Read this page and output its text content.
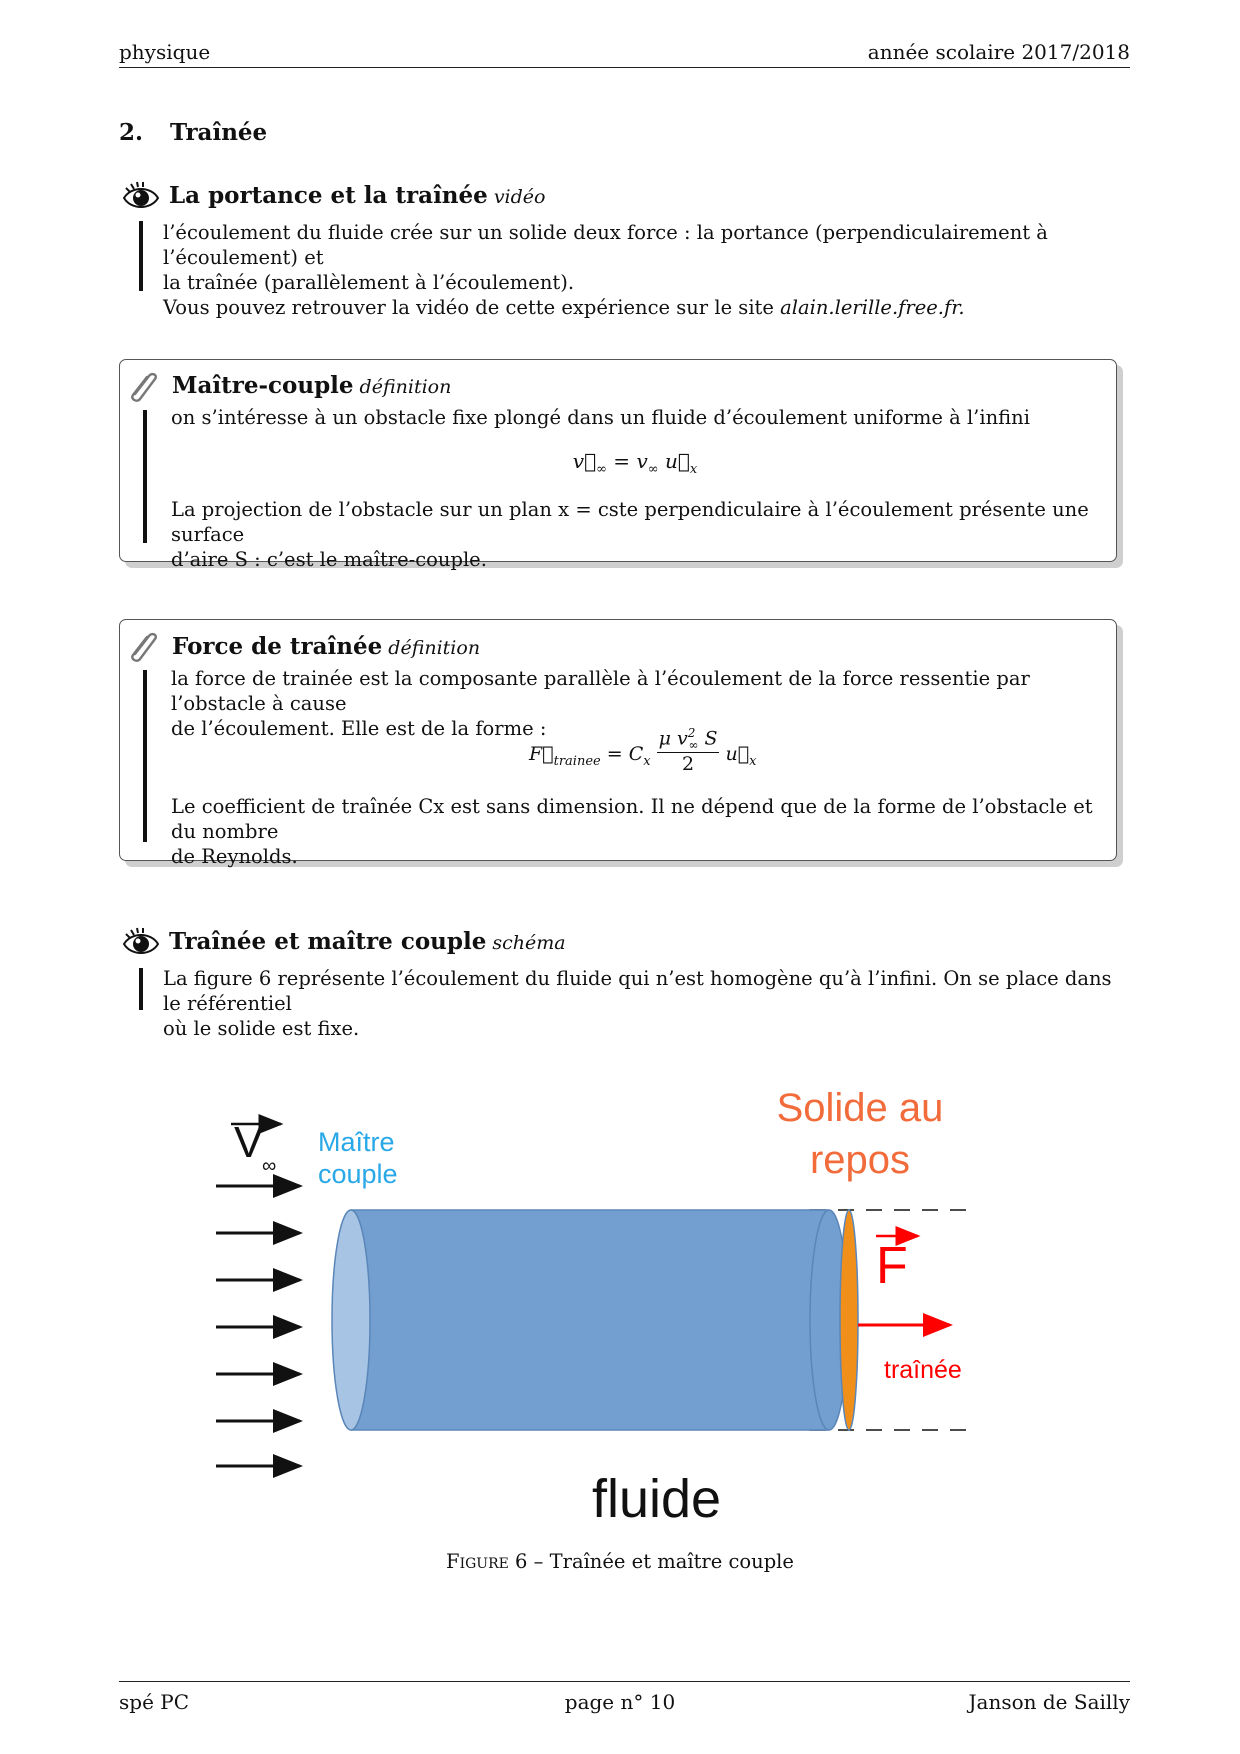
physique	année scolaire 2017/2018
2. Traînée
La portance et la traînée vidéo
l’écoulement du fluide crée sur un solide deux force : la portance (perpendiculairement à l’écoulement) et
la traînée (parallèlement à l’écoulement).
Vous pouvez retrouver la vidéo de cette expérience sur le site alain.lerille.free.fr.
Maître-couple définition
on s’intéresse à un obstacle fixe plongé dans un fluide d’écoulement uniforme à l’infini
$v⃗_\infty = v_\infty$ $u⃗_x$
La projection de l’obstacle sur un plan x = cste perpendiculaire à l’écoulement présente une surface
d’aire S : c’est le maître-couple.
Force de traînée définition
la force de trainée est la composante parallèle à l’écoulement de la force ressentie par l’obstacle à cause
de l’écoulement. Elle est de la forme :
$F⃗_{trainee} = C_x \frac{\mu v^2_\infty S}{2}$ $u⃗_x$
Le coefficient de traînée Cx est sans dimension. Il ne dépend que de la forme de l’obstacle et du nombre
de Reynolds.
Traînée et maître couple schéma
La figure 6 représente l’écoulement du fluide qui n’est homogène qu’à l’infini. On se place dans le référentiel
où le solide est fixe.
V
∞
Maître
couple
Solide au
repos
F
traînée
fluide
Figure 6 – Traînée et maître couple
spé PC	page n° 10	Janson de Sailly
